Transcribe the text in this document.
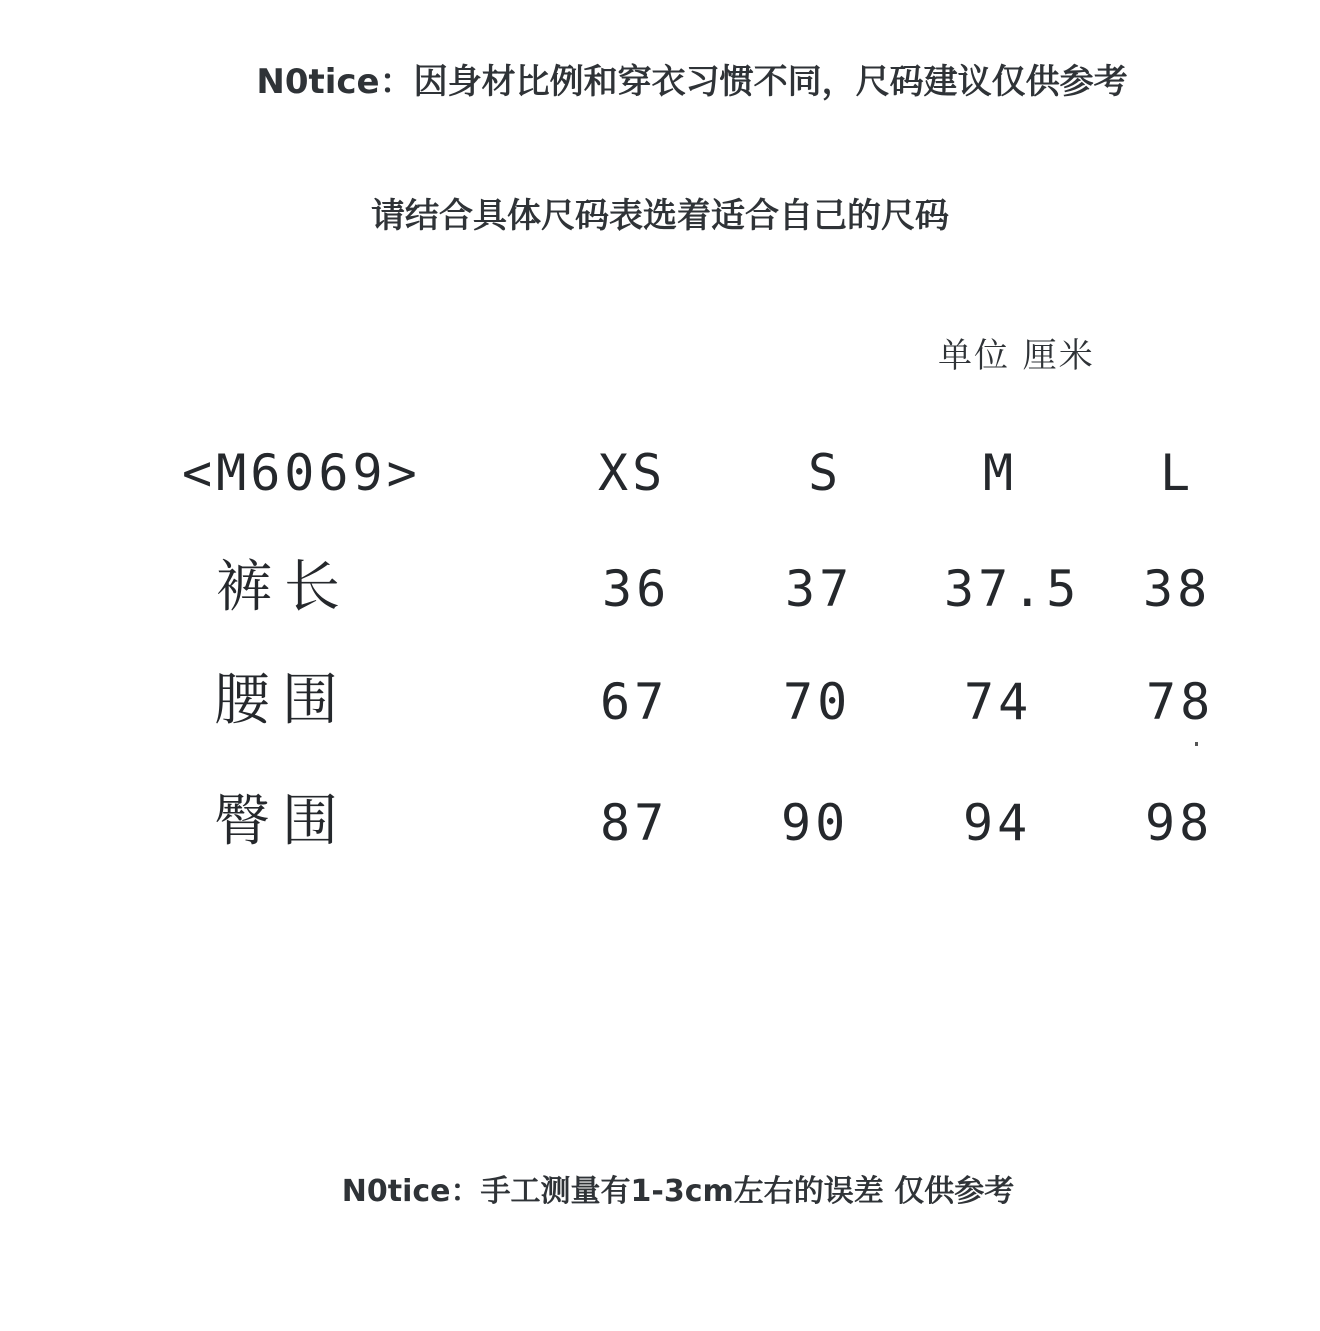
N0tice：因身材比例和穿衣习惯不同，尺码建议仅供参考
请结合具体尺码表选着适合自己的尺码
单位 厘米
<M6069>	XS	S	M	L
裤长	36 37 37.5 38
腰围	67 70 74 78
臀围	87 90 94 98
N0tice：手工测量有1-3cm左右的误差 仅供参考
